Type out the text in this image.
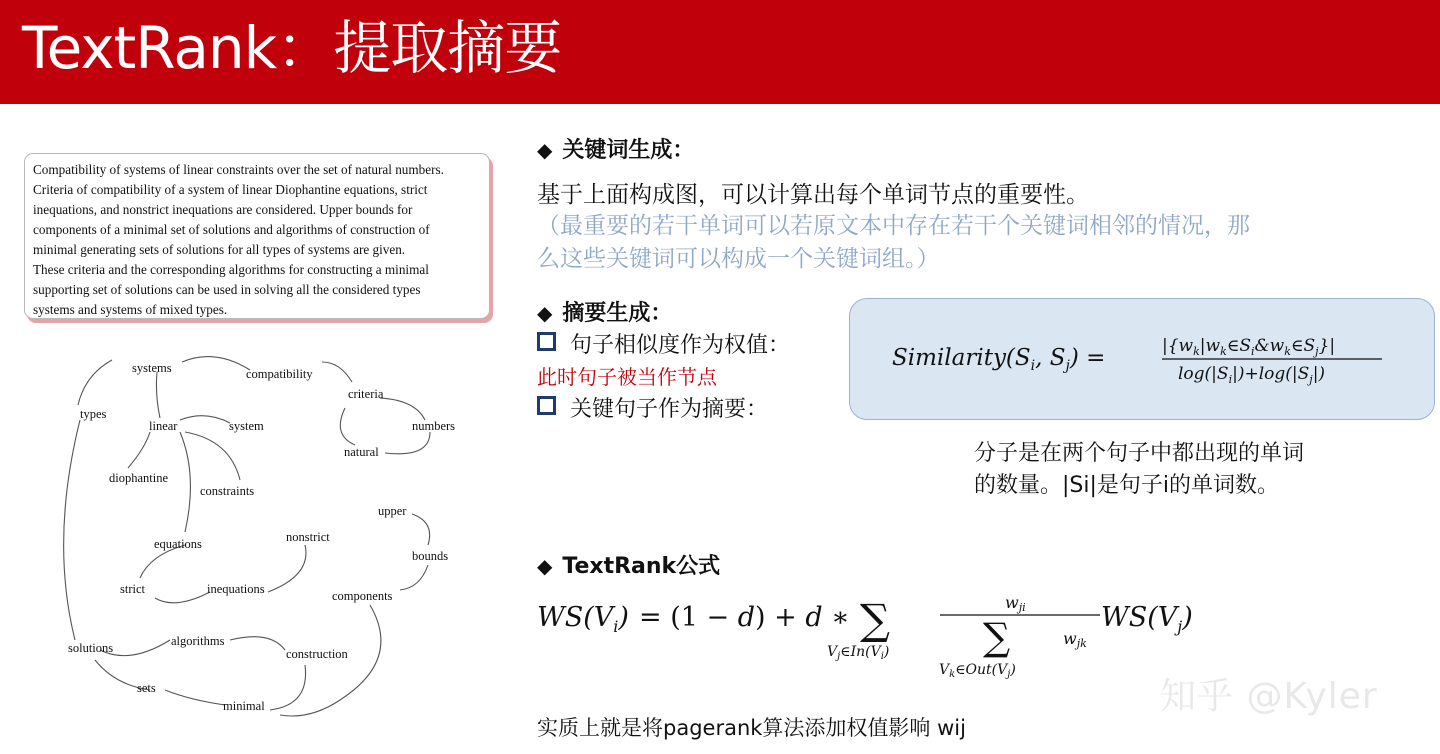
TextRank：提取摘要
Compatibility of systems of linear constraints over the set of natural numbers.
Criteria of compatibility of a system of linear Diophantine equations, strict
inequations, and nonstrict inequations are considered. Upper bounds for
components of a minimal set of solutions and algorithms of construction of
minimal generating sets of solutions for all types of systems are given.
These criteria and the corresponding algorithms for constructing a minimal
supporting set of solutions can be used in solving all the considered types
systems and systems of mixed types.
systems	compatibility
types
criteria
linear	system	numbers
natural
diophantine
constraints
upper
nonstrict
equations
bounds
strict	inequations	components
algorithms
solutions	construction
sets
minimal
◆ 关键词生成：
基于上面构成图，可以计算出每个单词节点的重要性。
（最重要的若干单词可以若原文本中存在若干个关键词相邻的情况，那么这些关键词可以构成一个关键词组。）
◆ 摘要生成：
句子相似度作为权值：
此时句子被当作节点
关键句子作为摘要：
$Similarity(S_i$, $S_j$) =	$|\{w_k|w_k\in S_i\&w_k\in S_j\}|$
$\log(|S_i|)+\log(|S_j|)$
分子是在两个句子中都出现的单词的数量。|Si|是句子i的单词数。
◆ TextRank公式
$WS(V_i) = (1 - d) + d$ ∗ ∑
$V_j\in In(V_i)$
wji
∑	wjk
$V_k\in Out(V_j)$
$WS(V_j)$
知乎 @Kyler
实质上就是将pagerank算法添加权值影响 wij
